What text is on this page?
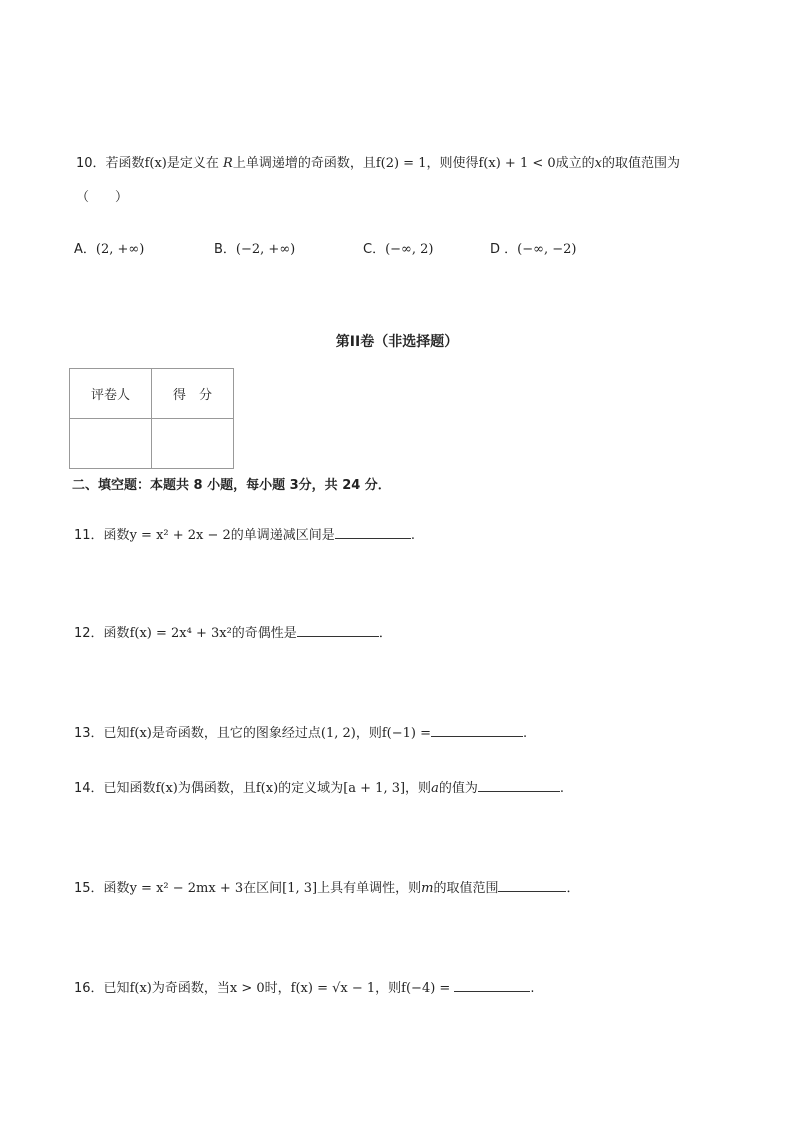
10．若函数f(x)是定义在 R上单调递增的奇函数，且f(2) = 1，则使得f(x) + 1 < 0成立的x的取值范围为
（　　）
A．(2, +∞)	B．(−2, +∞)	C．(−∞, 2)	D ．(−∞, −2)
第II卷（非选择题）
评卷人	得　分

二、填空题：本题共 8 小题，每小题 3分，共 24 分．
11．函数y = x² + 2x − 2的单调递减区间是	.
12．函数f(x) = 2x⁴ + 3x²的奇偶性是	．
13．已知f(x)是奇函数，且它的图象经过点(1, 2)，则f(−1) =	.
14．已知函数f(x)为偶函数，且f(x)的定义域为[a + 1, 3]，则a的值为	.
15．函数y = x² − 2mx + 3在区间[1, 3]上具有单调性，则m的取值范围	．
16．已知f(x)为奇函数，当x > 0时，f(x) = √x − 1，则f(−4) =	.
